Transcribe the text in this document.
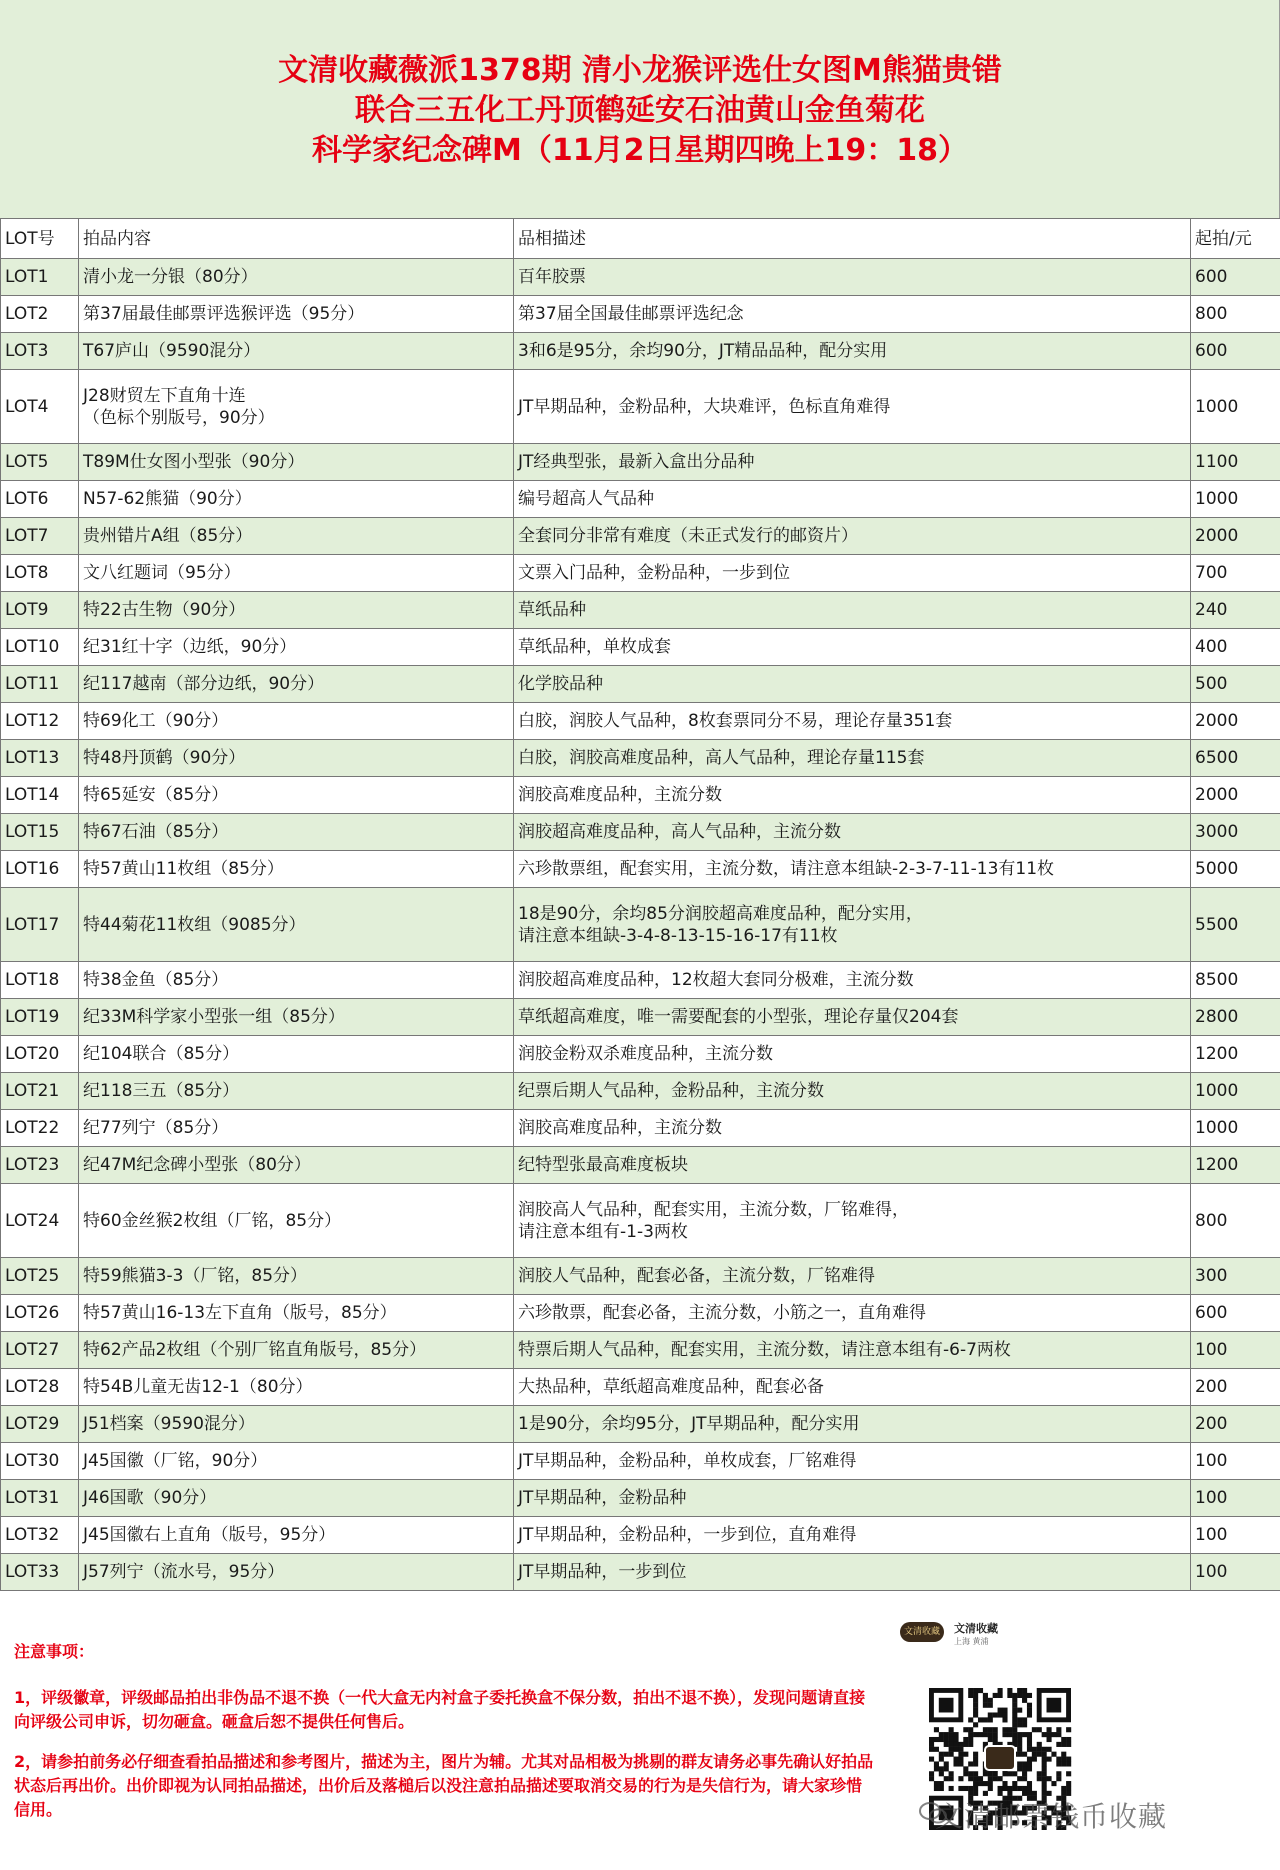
文清收藏薇派1378期 清小龙猴评选仕女图M熊猫贵错
联合三五化工丹顶鹤延安石油黄山金鱼菊花
科学家纪念碑M（11月2日星期四晚上19：18）
LOT号	拍品内容	品相描述	起拍/元
LOT1	清小龙一分银（80分）	百年胶票	600
LOT2	第37届最佳邮票评选猴评选（95分）	第37届全国最佳邮票评选纪念	800
LOT3	T67庐山（9590混分）	3和6是95分，余均90分，JT精品品种，配分实用	600
LOT4	J28财贸左下直角十连
（色标个别版号，90分）	JT早期品种，金粉品种，大块难评，色标直角难得	1000
LOT5	T89M仕女图小型张（90分）	JT经典型张，最新入盒出分品种	1100
LOT6	N57-62熊猫（90分）	编号超高人气品种	1000
LOT7	贵州错片A组（85分）	全套同分非常有难度（未正式发行的邮资片）	2000
LOT8	文八红题词（95分）	文票入门品种，金粉品种，一步到位	700
LOT9	特22古生物（90分）	草纸品种	240
LOT10	纪31红十字（边纸，90分）	草纸品种，单枚成套	400
LOT11	纪117越南（部分边纸，90分）	化学胶品种	500
LOT12	特69化工（90分）	白胶，润胶人气品种，8枚套票同分不易，理论存量351套	2000
LOT13	特48丹顶鹤（90分）	白胶，润胶高难度品种，高人气品种，理论存量115套	6500
LOT14	特65延安（85分）	润胶高难度品种，主流分数	2000
LOT15	特67石油（85分）	润胶超高难度品种，高人气品种，主流分数	3000
LOT16	特57黄山11枚组（85分）	六珍散票组，配套实用，主流分数，请注意本组缺-2-3-7-11-13有11枚	5000
LOT17	特44菊花11枚组（9085分）	18是90分，余均85分润胶超高难度品种，配分实用，
请注意本组缺-3-4-8-13-15-16-17有11枚	5500
LOT18	特38金鱼（85分）	润胶超高难度品种，12枚超大套同分极难，主流分数	8500
LOT19	纪33M科学家小型张一组（85分）	草纸超高难度，唯一需要配套的小型张，理论存量仅204套	2800
LOT20	纪104联合（85分）	润胶金粉双杀难度品种，主流分数	1200
LOT21	纪118三五（85分）	纪票后期人气品种，金粉品种，主流分数	1000
LOT22	纪77列宁（85分）	润胶高难度品种，主流分数	1000
LOT23	纪47M纪念碑小型张（80分）	纪特型张最高难度板块	1200
LOT24	特60金丝猴2枚组（厂铭，85分）	润胶高人气品种，配套实用，主流分数，厂铭难得，
请注意本组有-1-3两枚	800
LOT25	特59熊猫3-3（厂铭，85分）	润胶人气品种，配套必备，主流分数，厂铭难得	300
LOT26	特57黄山16-13左下直角（版号，85分）	六珍散票，配套必备，主流分数，小筋之一，直角难得	600
LOT27	特62产品2枚组（个别厂铭直角版号，85分）	特票后期人气品种，配套实用，主流分数，请注意本组有-6-7两枚	100
LOT28	特54B儿童无齿12-1（80分）	大热品种，草纸超高难度品种，配套必备	200
LOT29	J51档案（9590混分）	1是90分，余均95分，JT早期品种，配分实用	200
LOT30	J45国徽（厂铭，90分）	JT早期品种，金粉品种，单枚成套，厂铭难得	100
LOT31	J46国歌（90分）	JT早期品种，金粉品种	100
LOT32	J45国徽右上直角（版号，95分）	JT早期品种，金粉品种，一步到位，直角难得	100
LOT33	J57列宁（流水号，95分）	JT早期品种，一步到位	100

注意事项：

1，评级徽章，评级邮品拍出非伪品不退不换（一代大盒无内衬盒子委托换盒不保分数，拍出不退不换），发现问题请直接向评级公司申诉，切勿砸盒。砸盒后恕不提供任何售后。

2，请参拍前务必仔细查看拍品描述和参考图片，描述为主，图片为辅。尤其对品相极为挑剔的群友请务必事先确认好拍品状态后再出价。出价即视为认同拍品描述，出价后及落槌后以没注意拍品描述要取消交易的行为是失信行为，请大家珍惜信用。

文清收藏	文清收藏
上海 黄浦
文清邮票钱币收藏
